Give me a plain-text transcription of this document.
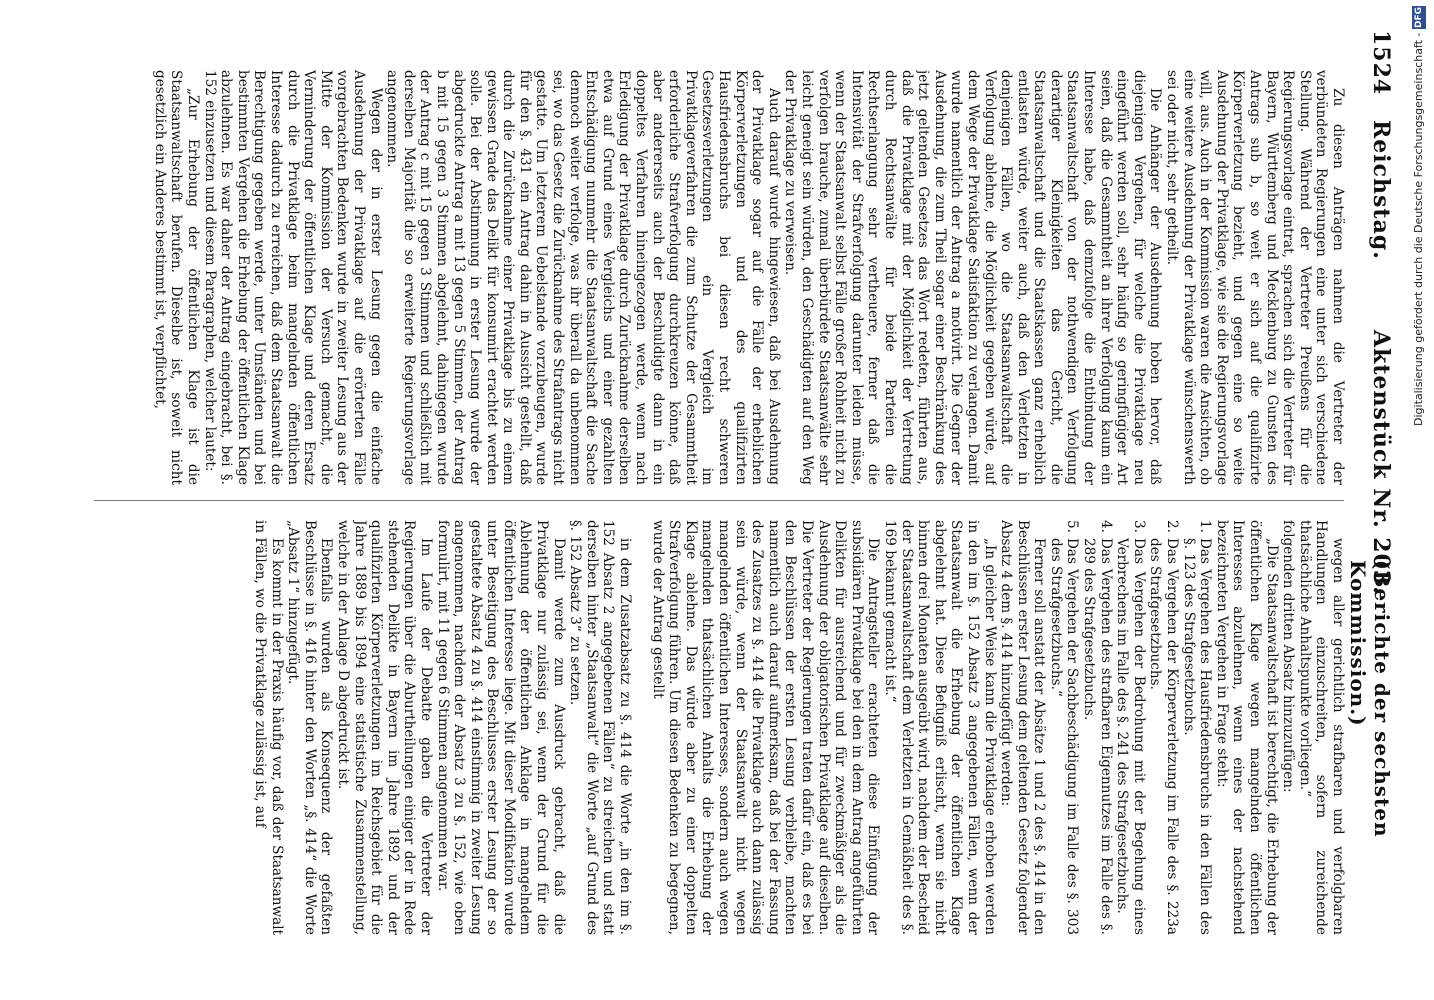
1524
Reichstag.
Aktenstück Nr. 203.
(Berichte der sechsten Kommission.)

Zu diesen Anträgen nahmen die Vertreter der verbündeten Regierungen eine unter sich verschiedene Stellung. Während der Vertreter Preußens für die Regierungsvorlage eintrat, sprachen sich die Vertreter für Bayern, Württemberg und Mecklenburg zu Gunsten des Antrags sub b, so weit er sich auf die qualifizirte Körperverletzung bezieht, und gegen eine so weite Ausdehnung der Privatklage, wie sie die Regierungsvorlage will, aus. Auch in der Kommission waren die Ansichten, ob eine weitere Ausdehnung der Privatklage wünschenswerth sei oder nicht, sehr getheilt.

Die Anhänger der Ausdehnung hoben hervor, daß diejenigen Vergehen, für welche die Privatklage neu eingeführt werden soll, sehr häufig so geringfügiger Art seien, daß die Gesammtheit an ihrer Verfolgung kaum ein Interesse habe, daß demzufolge die Entbindung der Staatsanwaltschaft von der nothwendigen Verfolgung derartiger Kleinigkeiten das Gericht, die Staatsanwaltschaft und die Staatskassen ganz erheblich entlasten würde, weiter auch, daß den Verletzten in denjenigen Fällen, wo die Staatsanwaltschaft die Verfolgung ablehne, die Möglichkeit gegeben würde, auf dem Wege der Privatklage Satisfaktion zu verlangen. Damit wurde namentlich der Antrag a motivirt. Die Gegner der Ausdehnung, die zum Theil sogar einer Beschränkung des jetzt geltenden Gesetzes das Wort redeten, führten aus, daß die Privatklage mit der Möglichkeit der Vertretung durch Rechtsanwälte für beide Parteien die Rechtserlangung sehr vertheuere, ferner daß die Intensivität der Strafverfolgung darunter leiden müsse, wenn der Staatsanwalt selbst Fälle großer Rohheit nicht zu verfolgen brauche, zumal überbürdete Staatsanwälte sehr leicht geneigt sein würden, den Geschädigten auf den Weg der Privatklage zu verweisen.

Auch darauf wurde hingewiesen, daß bei Ausdehnung der Privatklage sogar auf die Fälle der erheblichen Körperverletzungen und des qualifizirten Hausfriedensbruchs bei diesen recht schweren Gesetzesverletzungen ein Vergleich im Privatklageverfahren die zum Schutze der Gesammtheit erforderliche Strafverfolgung durchkreuzen könne, daß aber andererseits auch der Beschuldigte dann in ein doppeltes Verfahren hineingezogen werde, wenn nach Erledigung der Privatklage durch Zurücknahme derselben etwa auf Grund eines Vergleichs und einer gezahlten Entschädigung nunmehr die Staatsanwaltschaft die Sache dennoch weiter verfolge, was ihr überall da unbenommen sei, wo das Gesetz die Zurücknahme des Strafantrags nicht gestatte. Um letzterem Uebelstande vorzubeugen, wurde für den §. 431 ein Antrag dahin in Aussicht gestellt, daß durch die Zurücknahme einer Privatklage bis zu einem gewissen Grade das Delikt für konsumirt erachtet werden solle. Bei der Abstimmung in erster Lesung wurde der abgedruckte Antrag a mit 13 gegen 5 Stimmen, der Antrag b mit 15 gegen 3 Stimmen abgelehnt, dahingegen wurde der Antrag c mit 15 gegen 3 Stimmen und schließlich mit derselben Majorität die so erweiterte Regierungsvorlage angenommen.

Wegen der in erster Lesung gegen die einfache Ausdehnung der Privatklage auf die erörterten Fälle vorgebrachten Bedenken wurde in zweiter Lesung aus der Mitte der Kommission der Versuch gemacht, die Verminderung der öffentlichen Klage und deren Ersatz durch die Privatklage beim mangelnden öffentlichen Interesse dadurch zu erreichen, daß dem Staatsanwalt die Berechtigung gegeben werde, unter Umständen und bei bestimmten Vergehen die Erhebung der öffentlichen Klage abzulehnen. Es war daher der Antrag eingebracht, bei §. 152 einzusetzen und diesem Paragraphen, welcher lautet:

„Zur Erhebung der öffentlichen Klage ist die Staatsanwaltschaft berufen. Dieselbe ist, soweit nicht gesetzlich ein Anderes bestimmt ist, verpflichtet,

wegen aller gerichtlich strafbaren und verfolgbaren Handlungen einzuschreiten, sofern zureichende thatsächliche Anhaltspunkte vorliegen.“

folgenden dritten Absatz hinzuzufügen:

„Die Staatsanwaltschaft ist berechtigt, die Erhebung der öffentlichen Klage wegen mangelnden öffentlichen Interesses abzulehnen, wenn eines der nachstehend bezeichneten Vergehen in Frage steht:

1.
Das Vergehen des Hausfriedensbruchs in den Fällen des §. 123 des Strafgesetzbuchs.

2.
Das Vergehen der Körperverletzung im Falle des §. 223a des Strafgesetzbuchs.

3.
Das Vergehen der Bedrohung mit der Begehung eines Verbrechens im Falle des §. 241 des Strafgesetzbuchs.

4.
Das Vergehen des strafbaren Eigennutzes im Falle des §. 289 des Strafgesetzbuchs.

5.
Das Vergehen der Sachbeschädigung im Falle des §. 303 des Strafgesetzbuchs.“

Ferner soll anstatt der Absätze 1 und 2 des §. 414 in den Beschlüssen erster Lesung dem geltenden Gesetz folgender Absatz 4 dem §. 414 hinzugefügt werden:

„In gleicher Weise kann die Privatklage erhoben werden in den im §. 152 Absatz 3 angegebenen Fällen, wenn der Staatsanwalt die Erhebung der öffentlichen Klage abgelehnt hat. Diese Befugniß erlischt, wenn sie nicht binnen drei Monaten ausgeübt wird, nachdem der Bescheid der Staatsanwaltschaft dem Verletzten in Gemäßheit des §. 169 bekannt gemacht ist.“

Die Antragsteller erachteten diese Einfügung der subsidiären Privatklage bei den in dem Antrag angeführten Delikten für ausreichend und für zweckmäßiger als die Ausdehnung der obligatorischen Privatklage auf dieselben. Die Vertreter der Regierungen traten dafür ein, daß es bei den Beschlüssen der ersten Lesung verbleibe, machten namentlich auch darauf aufmerksam, daß bei der Fassung des Zusatzes zu §. 414 die Privatklage auch dann zulässig sein würde, wenn der Staatsanwalt nicht wegen mangelnden öffentlichen Interesses, sondern auch wegen mangelnden thatsächlichen Anhalts die Erhebung der Klage ablehne. Das würde aber zu einer doppelten Strafverfolgung führen. Um diesen Bedenken zu begegnen, wurde der Antrag gestellt

in dem Zusatzabsatz zu §. 414 die Worte „in den im §. 152 Absatz 2 angegebenen Fällen“ zu streichen und statt derselben hinter „Staatsanwalt“ die Worte „auf Grund des §. 152 Absatz 3“ zu setzen.

Damit werde zum Ausdruck gebracht, daß die Privatklage nur zulässig sei, wenn der Grund für die Ablehnung der öffentlichen Anklage in mangelndem öffentlichen Interesse liege. Mit dieser Modifikation wurde unter Beseitigung des Beschlusses erster Lesung der so gestaltete Absatz 4 zu §. 414 einstimmig in zweiter Lesung angenommen, nachdem der Absatz 3 zu §. 152, wie oben formulirt, mit 11 gegen 6 Stimmen angenommen war.

Im Laufe der Debatte gaben die Vertreter der Regierungen über die Aburtheilungen einiger der in Rede stehenden Delikte in Bayern im Jahre 1892 und der qualifizirten Körperverletzungen im Reichsgebiet für die Jahre 1889 bis 1894 eine statistische Zusammenstellung, welche in der Anlage D abgedruckt ist.

Ebenfalls wurden als Konsequenz der gefaßten Beschlüsse in §. 416 hinter den Worten „§. 414“ die Worte „Absatz 1“ hinzugefügt.

Es kommt in der Praxis häufig vor, daß der Staatsanwalt in Fällen, wo die Privatklage zulässig ist, auf

Digitalisierung gefördert durch die Deutsche Forschungsgemeinschaft - DFG
